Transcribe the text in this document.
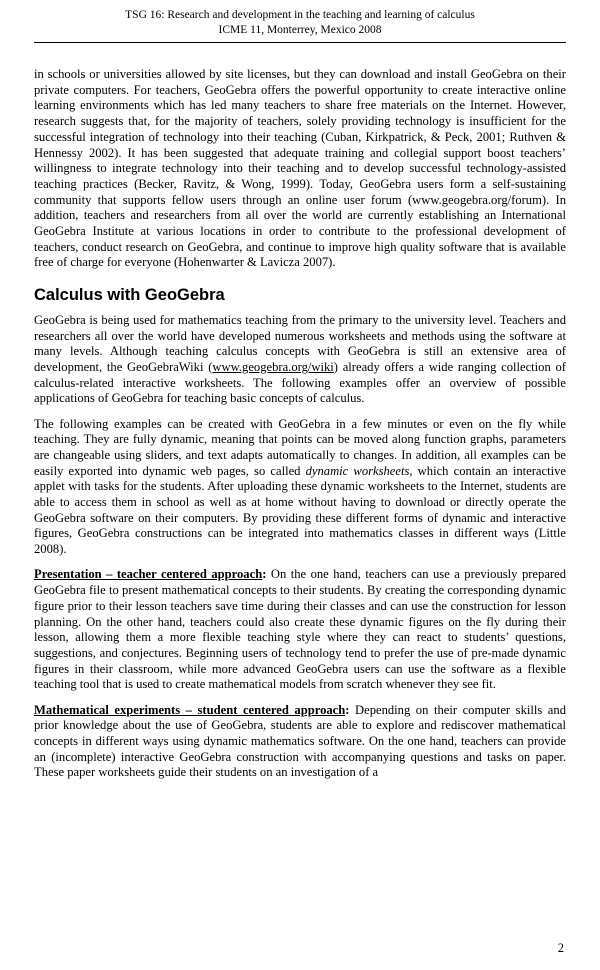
TSG 16: Research and development in the teaching and learning of calculus
ICME 11, Monterrey, Mexico 2008

in schools or universities allowed by site licenses, but they can download and install GeoGebra on their private computers. For teachers, GeoGebra offers the powerful opportunity to create interactive online learning environments which has led many teachers to share free materials on the Internet. However, research suggests that, for the majority of teachers, solely providing technology is insufficient for the successful integration of technology into their teaching (Cuban, Kirkpatrick, & Peck, 2001; Ruthven & Hennessy 2002). It has been suggested that adequate training and collegial support boost teachers’ willingness to integrate technology into their teaching and to develop successful technology-assisted teaching practices (Becker, Ravitz, & Wong, 1999). Today, GeoGebra users form a self-sustaining community that supports fellow users through an online user forum (www.geogebra.org/forum). In addition, teachers and researchers from all over the world are currently establishing an International GeoGebra Institute at various locations in order to contribute to the professional development of teachers, conduct research on GeoGebra, and continue to improve high quality software that is available free of charge for everyone (Hohenwarter & Lavicza 2007).

Calculus with GeoGebra

GeoGebra is being used for mathematics teaching from the primary to the university level. Teachers and researchers all over the world have developed numerous worksheets and methods using the software at many levels. Although teaching calculus concepts with GeoGebra is still an extensive area of development, the GeoGebraWiki (www.geogebra.org/wiki) already offers a wide ranging collection of calculus-related interactive worksheets. The following examples offer an overview of possible applications of GeoGebra for teaching basic concepts of calculus.

The following examples can be created with GeoGebra in a few minutes or even on the fly while teaching. They are fully dynamic, meaning that points can be moved along function graphs, parameters are changeable using sliders, and text adapts automatically to changes. In addition, all examples can be easily exported into dynamic web pages, so called dynamic worksheets, which contain an interactive applet with tasks for the students. After uploading these dynamic worksheets to the Internet, students are able to access them in school as well as at home without having to download or directly operate the GeoGebra software on their computers. By providing these different forms of dynamic and interactive figures, GeoGebra constructions can be integrated into mathematics classes in different ways (Little 2008).

Presentation – teacher centered approach: On the one hand, teachers can use a previously prepared GeoGebra file to present mathematical concepts to their students. By creating the corresponding dynamic figure prior to their lesson teachers save time during their classes and can use the construction for lesson planning. On the other hand, teachers could also create these dynamic figures on the fly during their lesson, allowing them a more flexible teaching style where they can react to students’ questions, suggestions, and conjectures. Beginning users of technology tend to prefer the use of pre-made dynamic figures in their classroom, while more advanced GeoGebra users can use the software as a flexible teaching tool that is used to create mathematical models from scratch whenever they see fit.

Mathematical experiments – student centered approach: Depending on their computer skills and prior knowledge about the use of GeoGebra, students are able to explore and rediscover mathematical concepts in different ways using dynamic mathematics software. On the one hand, teachers can provide an (incomplete) interactive GeoGebra construction with accompanying questions and tasks on paper. These paper worksheets guide their students on an investigation of a

2
